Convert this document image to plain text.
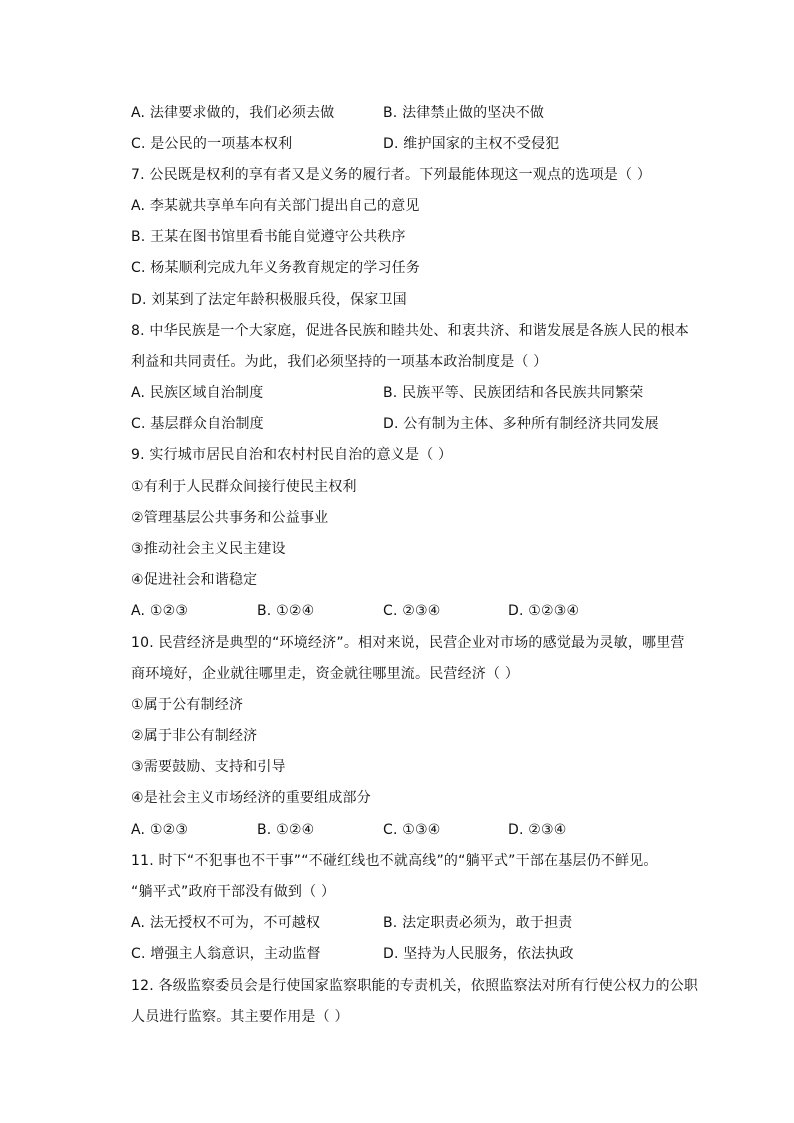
A. 法律要求做的，我们必须去做	B. 法律禁止做的坚决不做
C. 是公民的一项基本权利	D. 维护国家的主权不受侵犯
7. 公民既是权利的享有者又是义务的履行者。下列最能体现这一观点的选项是（ ）
A. 李某就共享单车向有关部门提出自己的意见
B. 王某在图书馆里看书能自觉遵守公共秩序
C. 杨某顺利完成九年义务教育规定的学习任务
D. 刘某到了法定年龄积极服兵役，保家卫国
8. 中华民族是一个大家庭，促进各民族和睦共处、和衷共济、和谐发展是各族人民的根本
利益和共同责任。为此，我们必须坚持的一项基本政治制度是（ ）
A. 民族区域自治制度	B. 民族平等、民族团结和各民族共同繁荣
C. 基层群众自治制度	D. 公有制为主体、多种所有制经济共同发展
9. 实行城市居民自治和农村村民自治的意义是（ ）
①有利于人民群众间接行使民主权利
②管理基层公共事务和公益事业
③推动社会主义民主建设
④促进社会和谐稳定
A. ①②③	B. ①②④	C. ②③④	D. ①②③④
10. 民营经济是典型的“环境经济”。相对来说，民营企业对市场的感觉最为灵敏，哪里营
商环境好，企业就往哪里走，资金就往哪里流。民营经济（ ）
①属于公有制经济
②属于非公有制经济
③需要鼓励、支持和引导
④是社会主义市场经济的重要组成部分
A. ①②③	B. ①②④	C. ①③④	D. ②③④
11. 时下“不犯事也不干事”“不碰红线也不就高线”的“躺平式”干部在基层仍不鲜见。
“躺平式”政府干部没有做到（ ）
A. 法无授权不可为，不可越权	B. 法定职责必须为，敢于担责
C. 增强主人翁意识，主动监督	D. 坚持为人民服务，依法执政
12. 各级监察委员会是行使国家监察职能的专责机关，依照监察法对所有行使公权力的公职
人员进行监察。其主要作用是（ ）
